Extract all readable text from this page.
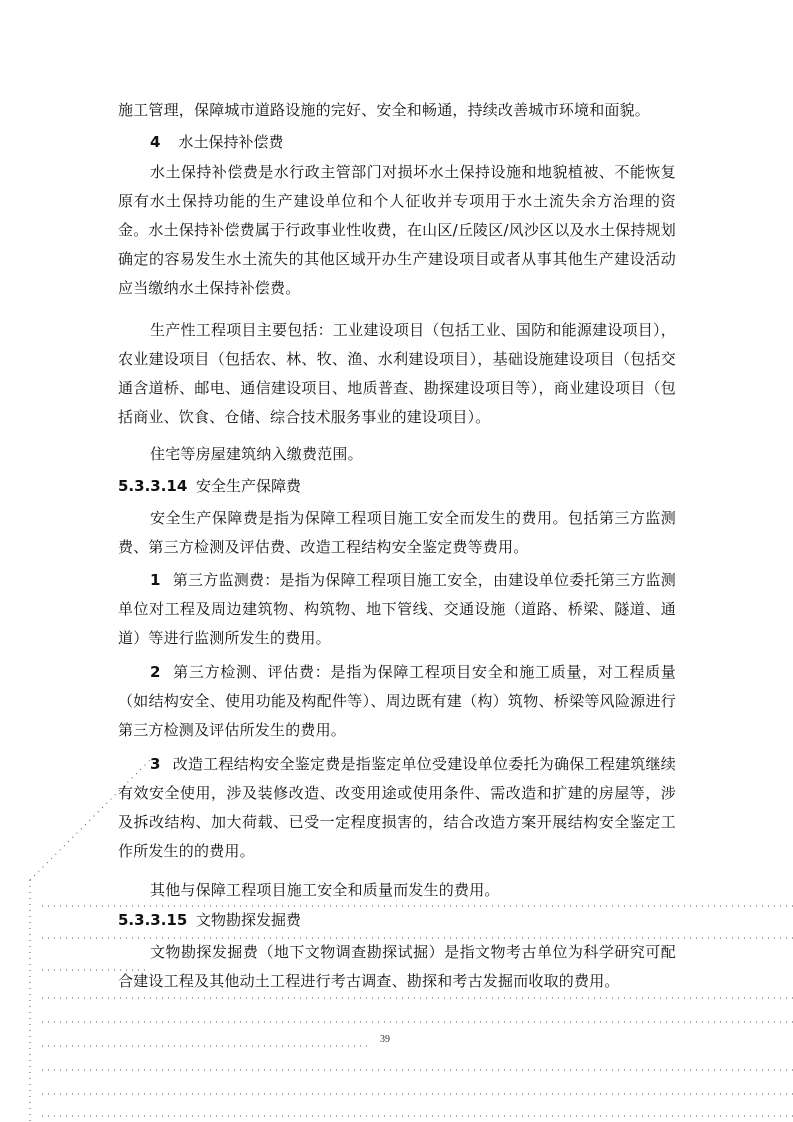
施工管理，保障城市道路设施的完好、安全和畅通，持续改善城市环境和面貌。

4 水土保持补偿费

水土保持补偿费是水行政主管部门对损坏水土保持设施和地貌植被、不能恢复原有水土保持功能的生产建设单位和个人征收并专项用于水土流失余方治理的资金。水土保持补偿费属于行政事业性收费，在山区/丘陵区/风沙区以及水土保持规划确定的容易发生水土流失的其他区域开办生产建设项目或者从事其他生产建设活动应当缴纳水土保持补偿费。

生产性工程项目主要包括：工业建设项目（包括工业、国防和能源建设项目），农业建设项目（包括农、林、牧、渔、水利建设项目），基础设施建设项目（包括交通含道桥、邮电、通信建设项目、地质普查、勘探建设项目等），商业建设项目（包括商业、饮食、仓储、综合技术服务事业的建设项目）。

住宅等房屋建筑纳入缴费范围。

5.3.3.14 安全生产保障费

安全生产保障费是指为保障工程项目施工安全而发生的费用。包括第三方监测费、第三方检测及评估费、改造工程结构安全鉴定费等费用。

1 第三方监测费：是指为保障工程项目施工安全，由建设单位委托第三方监测单位对工程及周边建筑物、构筑物、地下管线、交通设施（道路、桥梁、隧道、通道）等进行监测所发生的费用。

2 第三方检测、评估费：是指为保障工程项目安全和施工质量，对工程质量（如结构安全、使用功能及构配件等）、周边既有建（构）筑物、桥梁等风险源进行第三方检测及评估所发生的费用。

3 改造工程结构安全鉴定费是指鉴定单位受建设单位委托为确保工程建筑继续有效安全使用，涉及装修改造、改变用途或使用条件、需改造和扩建的房屋等，涉及拆改结构、加大荷载、已受一定程度损害的，结合改造方案开展结构安全鉴定工作所发生的的费用。

其他与保障工程项目施工安全和质量而发生的费用。

5.3.3.15 文物勘探发掘费

文物勘探发掘费（地下文物调查勘探试掘）是指文物考古单位为科学研究可配合建设工程及其他动土工程进行考古调查、勘探和考古发掘而收取的费用。

39
